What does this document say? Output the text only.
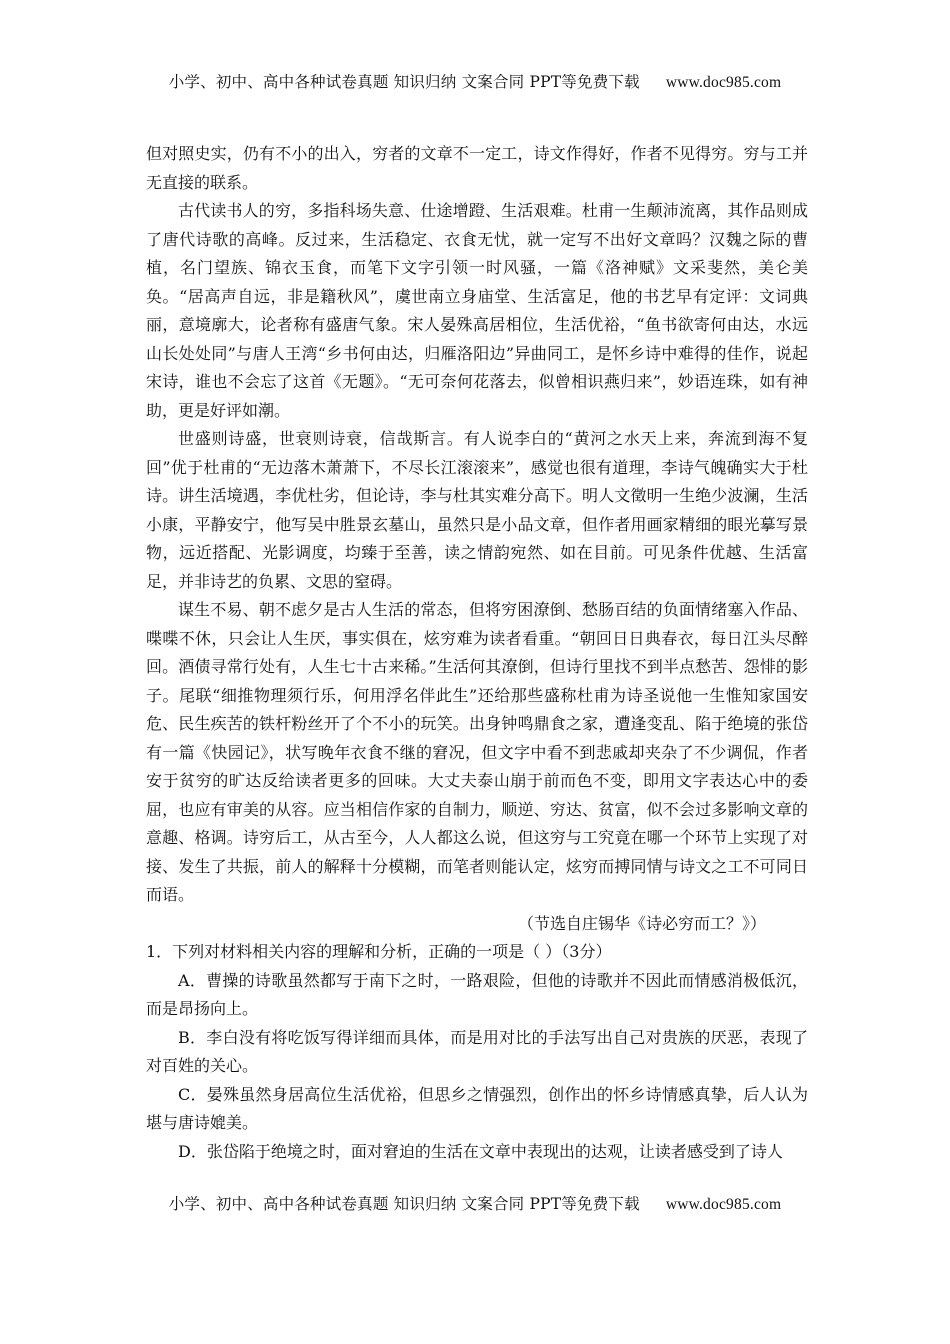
小学、初中、高中各种试卷真题 知识归纳 文案合同 PPT等免费下载 www.doc985.com

但对照史实，仍有不小的出入，穷者的文章不一定工，诗文作得好，作者不见得穷。穷与工并无直接的联系。

古代读书人的穷，多指科场失意、仕途增蹬、生活艰难。杜甫一生颠沛流离，其作品则成了唐代诗歌的高峰。反过来，生活稳定、衣食无忧，就一定写不出好文章吗？汉魏之际的曹植，名门望族、锦衣玉食，而笔下文字引领一时风骚，一篇《洛神赋》文采斐然，美仑美奂。“居高声自远，非是籍秋风”，虞世南立身庙堂、生活富足，他的书艺早有定评：文词典丽，意境廓大，论者称有盛唐气象。宋人晏殊高居相位，生活优裕，“鱼书欲寄何由达，水远山长处处同”与唐人王湾“乡书何由达，归雁洛阳边”异曲同工，是怀乡诗中难得的佳作，说起宋诗，谁也不会忘了这首《无题》。“无可奈何花落去，似曾相识燕归来”，妙语连珠，如有神助，更是好评如潮。

世盛则诗盛，世衰则诗衰，信哉斯言。有人说李白的“黄河之水天上来，奔流到海不复回”优于杜甫的“无边落木萧萧下，不尽长江滚滚来”，感觉也很有道理，李诗气魄确实大于杜诗。讲生活境遇，李优杜劣，但论诗，李与杜其实难分高下。明人文徵明一生绝少波澜，生活小康，平静安宁，他写吴中胜景玄墓山，虽然只是小品文章，但作者用画家精细的眼光摹写景物，远近搭配、光影调度，均臻于至善，读之情韵宛然、如在目前。可见条件优越、生活富足，并非诗艺的负累、文思的窒碍。

谋生不易、朝不虑夕是古人生活的常态，但将穷困潦倒、愁肠百结的负面情绪塞入作品、喋喋不休，只会让人生厌，事实俱在，炫穷难为读者看重。“朝回日日典春衣，每日江头尽醉回。酒债寻常行处有，人生七十古来稀。”生活何其潦倒，但诗行里找不到半点愁苦、怨悱的影子。尾联“细推物理须行乐，何用浮名伴此生”还给那些盛称杜甫为诗圣说他一生惟知家国安危、民生疾苦的铁杆粉丝开了个不小的玩笑。出身钟鸣鼎食之家，遭逢变乱、陷于绝境的张岱有一篇《快园记》，状写晚年衣食不继的窘况，但文字中看不到悲戚却夹杂了不少调侃，作者安于贫穷的旷达反给读者更多的回味。大丈夫泰山崩于前而色不变，即用文字表达心中的委屈，也应有审美的从容。应当相信作家的自制力，顺逆、穷达、贫富，似不会过多影响文章的意趣、格调。诗穷后工，从古至今，人人都这么说，但这穷与工究竟在哪一个环节上实现了对接、发生了共振，前人的解释十分模糊，而笔者则能认定，炫穷而搏同情与诗文之工不可同日而语。

（节选自庄锡华《诗必穷而工？》）

1．下列对材料相关内容的理解和分析，正确的一项是（ ）（3分）

A．曹操的诗歌虽然都写于南下之时，一路艰险，但他的诗歌并不因此而情感消极低沉，而是昂扬向上。

B．李白没有将吃饭写得详细而具体，而是用对比的手法写出自己对贵族的厌恶，表现了对百姓的关心。

C．晏殊虽然身居高位生活优裕，但思乡之情强烈，创作出的怀乡诗情感真挚，后人认为堪与唐诗媲美。

D．张岱陷于绝境之时，面对窘迫的生活在文章中表现出的达观，让读者感受到了诗人

小学、初中、高中各种试卷真题 知识归纳 文案合同 PPT等免费下载 www.doc985.com
